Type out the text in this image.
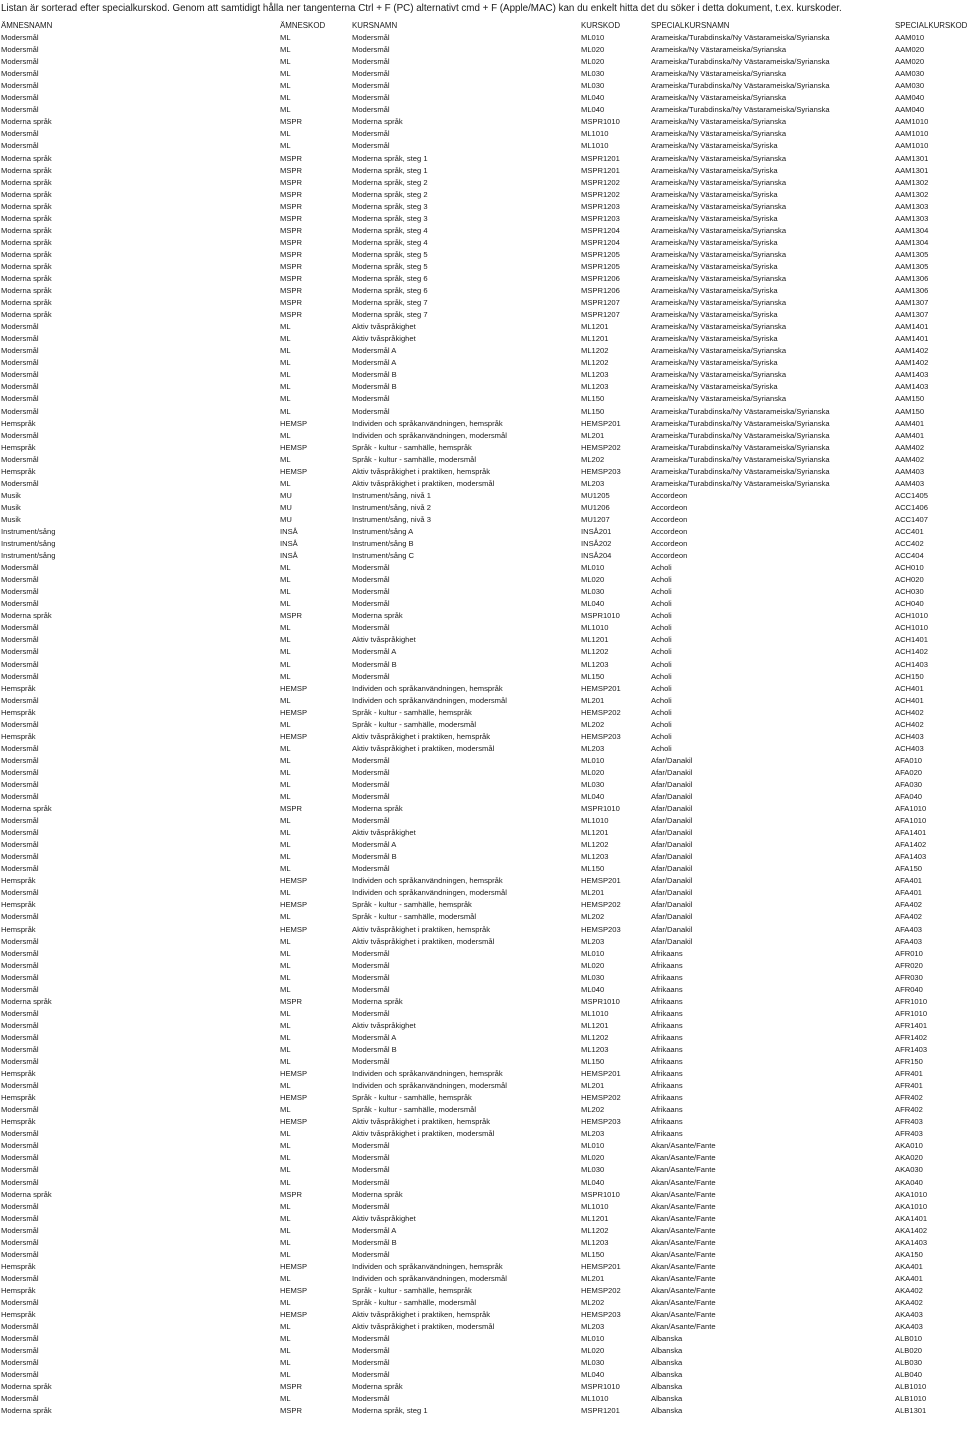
Listan är sorterad efter specialkurskod. Genom att samtidigt hålla ner tangenterna Ctrl + F (PC) alternativt cmd + F (Apple/MAC) kan du enkelt hitta det du söker i detta dokument, t.ex. kurskoder.
ÄMNESNAMN	ÄMNESKOD	KURSNAMN	KURSKOD	SPECIALKURSNAMN	SPECIALKURSKOD
Modersmål	ML	Modersmål	ML010	Arameiska/Turabdinska/Ny Västarameiska/Syrianska	AAM010
Modersmål	ML	Modersmål	ML020	Arameiska/Ny Västarameiska/Syrianska	AAM020
Modersmål	ML	Modersmål	ML020	Arameiska/Turabdinska/Ny Västarameiska/Syrianska	AAM020
Modersmål	ML	Modersmål	ML030	Arameiska/Ny Västarameiska/Syrianska	AAM030
Modersmål	ML	Modersmål	ML030	Arameiska/Turabdinska/Ny Västarameiska/Syrianska	AAM030
Modersmål	ML	Modersmål	ML040	Arameiska/Ny Västarameiska/Syrianska	AAM040
Modersmål	ML	Modersmål	ML040	Arameiska/Turabdinska/Ny Västarameiska/Syrianska	AAM040
Moderna språk	MSPR	Moderna språk	MSPR1010	Arameiska/Ny Västarameiska/Syrianska	AAM1010
Modersmål	ML	Modersmål	ML1010	Arameiska/Ny Västarameiska/Syrianska	AAM1010
Modersmål	ML	Modersmål	ML1010	Arameiska/Ny Västarameiska/Syriska	AAM1010
Moderna språk	MSPR	Moderna språk, steg 1	MSPR1201	Arameiska/Ny Västarameiska/Syrianska	AAM1301
Moderna språk	MSPR	Moderna språk, steg 1	MSPR1201	Arameiska/Ny Västarameiska/Syriska	AAM1301
Moderna språk	MSPR	Moderna språk, steg 2	MSPR1202	Arameiska/Ny Västarameiska/Syrianska	AAM1302
Moderna språk	MSPR	Moderna språk, steg 2	MSPR1202	Arameiska/Ny Västarameiska/Syriska	AAM1302
Moderna språk	MSPR	Moderna språk, steg 3	MSPR1203	Arameiska/Ny Västarameiska/Syrianska	AAM1303
Moderna språk	MSPR	Moderna språk, steg 3	MSPR1203	Arameiska/Ny Västarameiska/Syriska	AAM1303
Moderna språk	MSPR	Moderna språk, steg 4	MSPR1204	Arameiska/Ny Västarameiska/Syrianska	AAM1304
Moderna språk	MSPR	Moderna språk, steg 4	MSPR1204	Arameiska/Ny Västarameiska/Syriska	AAM1304
Moderna språk	MSPR	Moderna språk, steg 5	MSPR1205	Arameiska/Ny Västarameiska/Syrianska	AAM1305
Moderna språk	MSPR	Moderna språk, steg 5	MSPR1205	Arameiska/Ny Västarameiska/Syriska	AAM1305
Moderna språk	MSPR	Moderna språk, steg 6	MSPR1206	Arameiska/Ny Västarameiska/Syrianska	AAM1306
Moderna språk	MSPR	Moderna språk, steg 6	MSPR1206	Arameiska/Ny Västarameiska/Syriska	AAM1306
Moderna språk	MSPR	Moderna språk, steg 7	MSPR1207	Arameiska/Ny Västarameiska/Syrianska	AAM1307
Moderna språk	MSPR	Moderna språk, steg 7	MSPR1207	Arameiska/Ny Västarameiska/Syriska	AAM1307
Modersmål	ML	Aktiv tvåspråkighet	ML1201	Arameiska/Ny Västarameiska/Syrianska	AAM1401
Modersmål	ML	Aktiv tvåspråkighet	ML1201	Arameiska/Ny Västarameiska/Syriska	AAM1401
Modersmål	ML	Modersmål A	ML1202	Arameiska/Ny Västarameiska/Syrianska	AAM1402
Modersmål	ML	Modersmål A	ML1202	Arameiska/Ny Västarameiska/Syriska	AAM1402
Modersmål	ML	Modersmål B	ML1203	Arameiska/Ny Västarameiska/Syrianska	AAM1403
Modersmål	ML	Modersmål B	ML1203	Arameiska/Ny Västarameiska/Syriska	AAM1403
Modersmål	ML	Modersmål	ML150	Arameiska/Ny Västarameiska/Syrianska	AAM150
Modersmål	ML	Modersmål	ML150	Arameiska/Turabdinska/Ny Västarameiska/Syrianska	AAM150
Hemspråk	HEMSP	Individen och språkanvändningen, hemspråk	HEMSP201	Arameiska/Turabdinska/Ny Västarameiska/Syrianska	AAM401
Modersmål	ML	Individen och språkanvändningen, modersmål	ML201	Arameiska/Turabdinska/Ny Västarameiska/Syrianska	AAM401
Hemspråk	HEMSP	Språk - kultur - samhälle, hemspråk	HEMSP202	Arameiska/Turabdinska/Ny Västarameiska/Syrianska	AAM402
Modersmål	ML	Språk - kultur - samhälle, modersmål	ML202	Arameiska/Turabdinska/Ny Västarameiska/Syrianska	AAM402
Hemspråk	HEMSP	Aktiv tvåspråkighet i praktiken, hemspråk	HEMSP203	Arameiska/Turabdinska/Ny Västarameiska/Syrianska	AAM403
Modersmål	ML	Aktiv tvåspråkighet i praktiken, modersmål	ML203	Arameiska/Turabdinska/Ny Västarameiska/Syrianska	AAM403
Musik	MU	Instrument/sång, nivå 1	MU1205	Accordeon	ACC1405
Musik	MU	Instrument/sång, nivå 2	MU1206	Accordeon	ACC1406
Musik	MU	Instrument/sång, nivå 3	MU1207	Accordeon	ACC1407
Instrument/sång	INSÅ	Instrument/sång A	INSÅ201	Accordeon	ACC401
Instrument/sång	INSÅ	Instrument/sång B	INSÅ202	Accordeon	ACC402
Instrument/sång	INSÅ	Instrument/sång C	INSÅ204	Accordeon	ACC404
Modersmål	ML	Modersmål	ML010	Acholi	ACH010
Modersmål	ML	Modersmål	ML020	Acholi	ACH020
Modersmål	ML	Modersmål	ML030	Acholi	ACH030
Modersmål	ML	Modersmål	ML040	Acholi	ACH040
Moderna språk	MSPR	Moderna språk	MSPR1010	Acholi	ACH1010
Modersmål	ML	Modersmål	ML1010	Acholi	ACH1010
Modersmål	ML	Aktiv tvåspråkighet	ML1201	Acholi	ACH1401
Modersmål	ML	Modersmål A	ML1202	Acholi	ACH1402
Modersmål	ML	Modersmål B	ML1203	Acholi	ACH1403
Modersmål	ML	Modersmål	ML150	Acholi	ACH150
Hemspråk	HEMSP	Individen och språkanvändningen, hemspråk	HEMSP201	Acholi	ACH401
Modersmål	ML	Individen och språkanvändningen, modersmål	ML201	Acholi	ACH401
Hemspråk	HEMSP	Språk - kultur - samhälle, hemspråk	HEMSP202	Acholi	ACH402
Modersmål	ML	Språk - kultur - samhälle, modersmål	ML202	Acholi	ACH402
Hemspråk	HEMSP	Aktiv tvåspråkighet i praktiken, hemspråk	HEMSP203	Acholi	ACH403
Modersmål	ML	Aktiv tvåspråkighet i praktiken, modersmål	ML203	Acholi	ACH403
Modersmål	ML	Modersmål	ML010	Afar/Danakil	AFA010
Modersmål	ML	Modersmål	ML020	Afar/Danakil	AFA020
Modersmål	ML	Modersmål	ML030	Afar/Danakil	AFA030
Modersmål	ML	Modersmål	ML040	Afar/Danakil	AFA040
Moderna språk	MSPR	Moderna språk	MSPR1010	Afar/Danakil	AFA1010
Modersmål	ML	Modersmål	ML1010	Afar/Danakil	AFA1010
Modersmål	ML	Aktiv tvåspråkighet	ML1201	Afar/Danakil	AFA1401
Modersmål	ML	Modersmål A	ML1202	Afar/Danakil	AFA1402
Modersmål	ML	Modersmål B	ML1203	Afar/Danakil	AFA1403
Modersmål	ML	Modersmål	ML150	Afar/Danakil	AFA150
Hemspråk	HEMSP	Individen och språkanvändningen, hemspråk	HEMSP201	Afar/Danakil	AFA401
Modersmål	ML	Individen och språkanvändningen, modersmål	ML201	Afar/Danakil	AFA401
Hemspråk	HEMSP	Språk - kultur - samhälle, hemspråk	HEMSP202	Afar/Danakil	AFA402
Modersmål	ML	Språk - kultur - samhälle, modersmål	ML202	Afar/Danakil	AFA402
Hemspråk	HEMSP	Aktiv tvåspråkighet i praktiken, hemspråk	HEMSP203	Afar/Danakil	AFA403
Modersmål	ML	Aktiv tvåspråkighet i praktiken, modersmål	ML203	Afar/Danakil	AFA403
Modersmål	ML	Modersmål	ML010	Afrikaans	AFR010
Modersmål	ML	Modersmål	ML020	Afrikaans	AFR020
Modersmål	ML	Modersmål	ML030	Afrikaans	AFR030
Modersmål	ML	Modersmål	ML040	Afrikaans	AFR040
Moderna språk	MSPR	Moderna språk	MSPR1010	Afrikaans	AFR1010
Modersmål	ML	Modersmål	ML1010	Afrikaans	AFR1010
Modersmål	ML	Aktiv tvåspråkighet	ML1201	Afrikaans	AFR1401
Modersmål	ML	Modersmål A	ML1202	Afrikaans	AFR1402
Modersmål	ML	Modersmål B	ML1203	Afrikaans	AFR1403
Modersmål	ML	Modersmål	ML150	Afrikaans	AFR150
Hemspråk	HEMSP	Individen och språkanvändningen, hemspråk	HEMSP201	Afrikaans	AFR401
Modersmål	ML	Individen och språkanvändningen, modersmål	ML201	Afrikaans	AFR401
Hemspråk	HEMSP	Språk - kultur - samhälle, hemspråk	HEMSP202	Afrikaans	AFR402
Modersmål	ML	Språk - kultur - samhälle, modersmål	ML202	Afrikaans	AFR402
Hemspråk	HEMSP	Aktiv tvåspråkighet i praktiken, hemspråk	HEMSP203	Afrikaans	AFR403
Modersmål	ML	Aktiv tvåspråkighet i praktiken, modersmål	ML203	Afrikaans	AFR403
Modersmål	ML	Modersmål	ML010	Akan/Asante/Fante	AKA010
Modersmål	ML	Modersmål	ML020	Akan/Asante/Fante	AKA020
Modersmål	ML	Modersmål	ML030	Akan/Asante/Fante	AKA030
Modersmål	ML	Modersmål	ML040	Akan/Asante/Fante	AKA040
Moderna språk	MSPR	Moderna språk	MSPR1010	Akan/Asante/Fante	AKA1010
Modersmål	ML	Modersmål	ML1010	Akan/Asante/Fante	AKA1010
Modersmål	ML	Aktiv tvåspråkighet	ML1201	Akan/Asante/Fante	AKA1401
Modersmål	ML	Modersmål A	ML1202	Akan/Asante/Fante	AKA1402
Modersmål	ML	Modersmål B	ML1203	Akan/Asante/Fante	AKA1403
Modersmål	ML	Modersmål	ML150	Akan/Asante/Fante	AKA150
Hemspråk	HEMSP	Individen och språkanvändningen, hemspråk	HEMSP201	Akan/Asante/Fante	AKA401
Modersmål	ML	Individen och språkanvändningen, modersmål	ML201	Akan/Asante/Fante	AKA401
Hemspråk	HEMSP	Språk - kultur - samhälle, hemspråk	HEMSP202	Akan/Asante/Fante	AKA402
Modersmål	ML	Språk - kultur - samhälle, modersmål	ML202	Akan/Asante/Fante	AKA402
Hemspråk	HEMSP	Aktiv tvåspråkighet i praktiken, hemspråk	HEMSP203	Akan/Asante/Fante	AKA403
Modersmål	ML	Aktiv tvåspråkighet i praktiken, modersmål	ML203	Akan/Asante/Fante	AKA403
Modersmål	ML	Modersmål	ML010	Albanska	ALB010
Modersmål	ML	Modersmål	ML020	Albanska	ALB020
Modersmål	ML	Modersmål	ML030	Albanska	ALB030
Modersmål	ML	Modersmål	ML040	Albanska	ALB040
Moderna språk	MSPR	Moderna språk	MSPR1010	Albanska	ALB1010
Modersmål	ML	Modersmål	ML1010	Albanska	ALB1010
Moderna språk	MSPR	Moderna språk, steg 1	MSPR1201	Albanska	ALB1301
